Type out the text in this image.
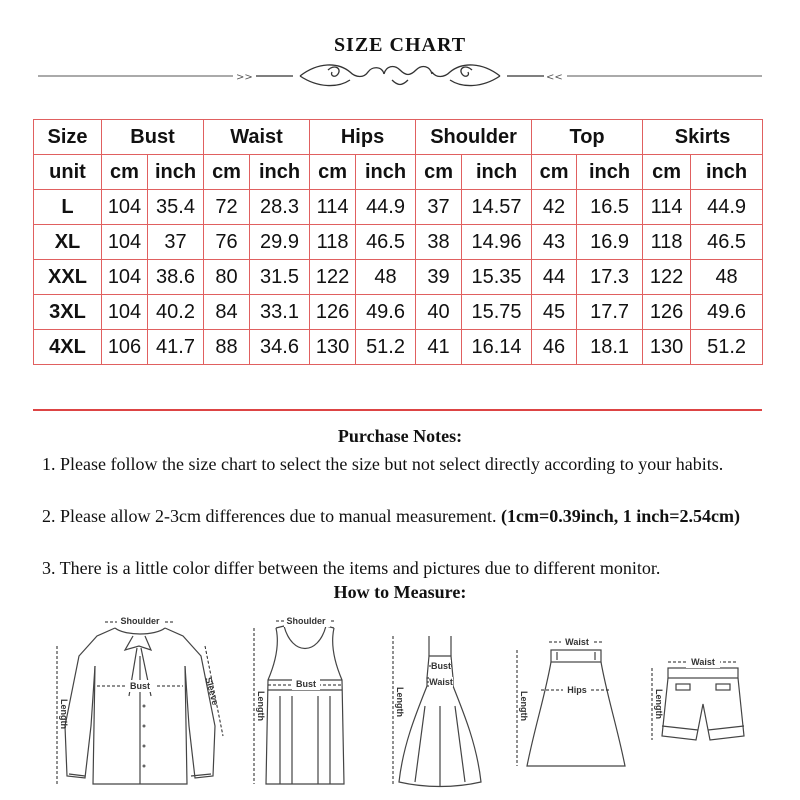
SIZE CHART
>>	<<
Size	Bust		Waist		Hips		Shoulder		Top		Skirts	
unit	cm	inch	cm	inch	cm	inch	cm	inch	cm	inch	cm	inch
L	104	35.4	72	28.3	114	44.9	37	14.57	42	16.5	114	44.9
XL	104	37	76	29.9	118	46.5	38	14.96	43	16.9	118	46.5
XXL	104	38.6	80	31.5	122	48	39	15.35	44	17.3	122	48
3XL	104	40.2	84	33.1	126	49.6	40	15.75	45	17.7	126	49.6
4XL	106	41.7	88	34.6	130	51.2	41	16.14	46	18.1	130	51.2
Purchase Notes:
1. Please follow the size chart to select the size but not select directly according to your habits.
2. Please allow 2-3cm differences due to manual measurement. (1cm=0.39inch, 1 inch=2.54cm)
3. There is a little color differ between the items and pictures due to different monitor.
How to Measure:
Shoulder
Bust
Length
Sleeve
Shoulder
Bust
Length
Bust
Waist
Length
Waist
Hips
Length
Waist
Length
